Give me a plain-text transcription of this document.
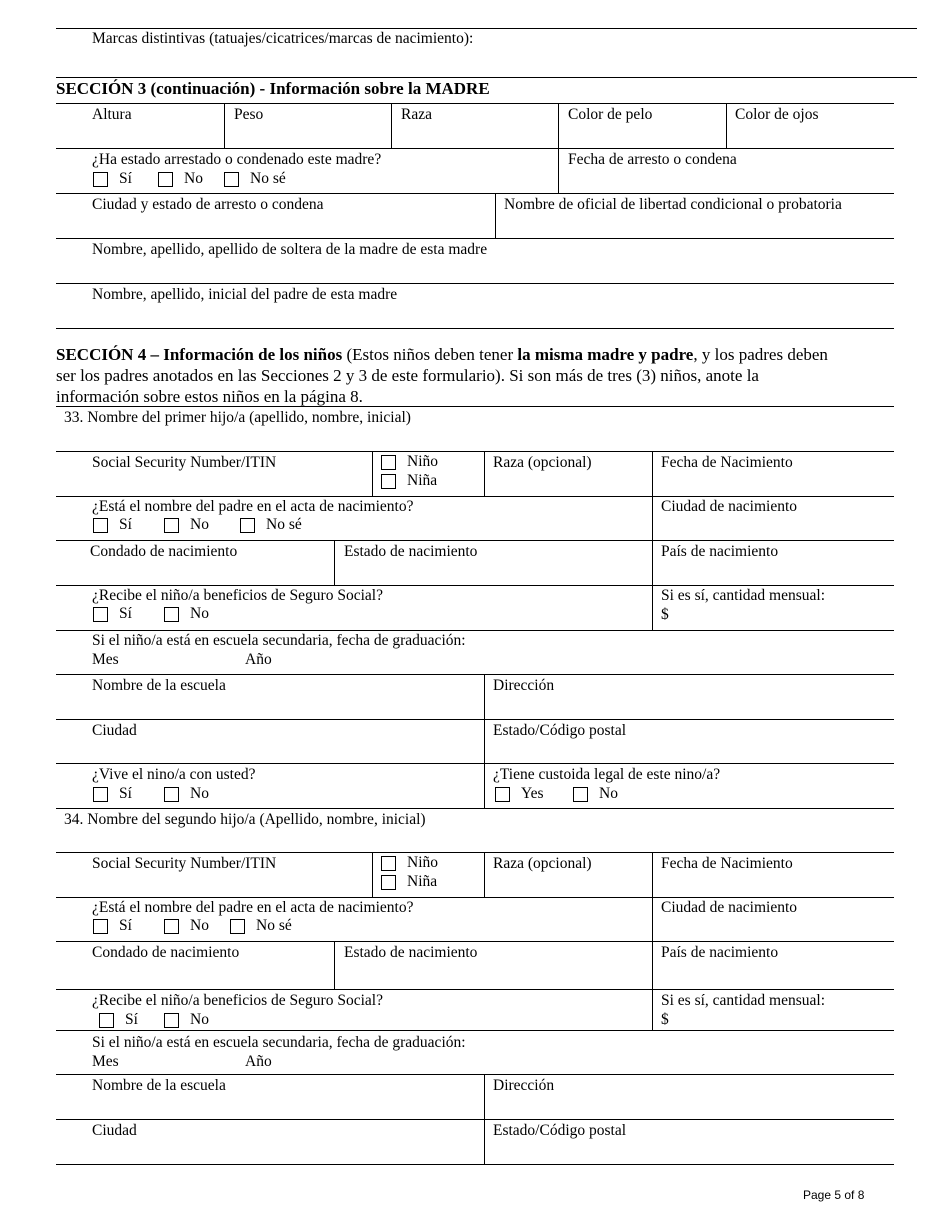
Marcas distintivas (tatuajes/cicatrices/marcas de nacimiento):
SECCIÓN 3 (continuación) - Información sobre la MADRE
Altura	Peso	Raza	Color de pelo	Color de ojos
¿Ha estado arrestado o condenado este madre?
Sí	No	No sé
Fecha de arresto o condena
Ciudad y estado de arresto o condena	Nombre de oficial de libertad condicional o probatoria
Nombre, apellido, apellido de soltera de la madre de esta madre
Nombre, apellido, inicial del padre de esta madre
SECCIÓN 4 – Información de los niños (Estos niños deben tener la misma madre y padre, y los padres deben
ser los padres anotados en las Secciones 2 y 3 de este formulario). Si son más de tres (3) niños, anote la
información sobre estos niños en la página 8.
33. Nombre del primer hijo/a (apellido, nombre, inicial)
Social Security Number/ITIN	Niño
Niña
Raza (opcional)	Fecha de Nacimiento
¿Está el nombre del padre en el acta de nacimiento?
Sí	No	No sé
Ciudad de nacimiento
Condado de nacimiento	Estado de nacimiento	País de nacimiento
¿Recibe el niño/a beneficios de Seguro Social?
Sí	No
Si es sí, cantidad mensual:
$
Si el niño/a está en escuela secundaria, fecha de graduación:
Mes	Año
Nombre de la escuela	Dirección
Ciudad	Estado/Código postal
¿Vive el nino/a con usted?
Sí	No
¿Tiene custoida legal de este nino/a?
Yes	No
34. Nombre del segundo hijo/a (Apellido, nombre, inicial)
Social Security Number/ITIN	Niño
Niña
Raza (opcional)	Fecha de Nacimiento
¿Está el nombre del padre en el acta de nacimiento?
Sí	No	No sé
Ciudad de nacimiento
Condado de nacimiento	Estado de nacimiento	País de nacimiento
¿Recibe el niño/a beneficios de Seguro Social?
Sí	No
Si es sí, cantidad mensual:
$
Si el niño/a está en escuela secundaria, fecha de graduación:
Mes	Año
Nombre de la escuela	Dirección
Ciudad	Estado/Código postal
Page 5 of 8
